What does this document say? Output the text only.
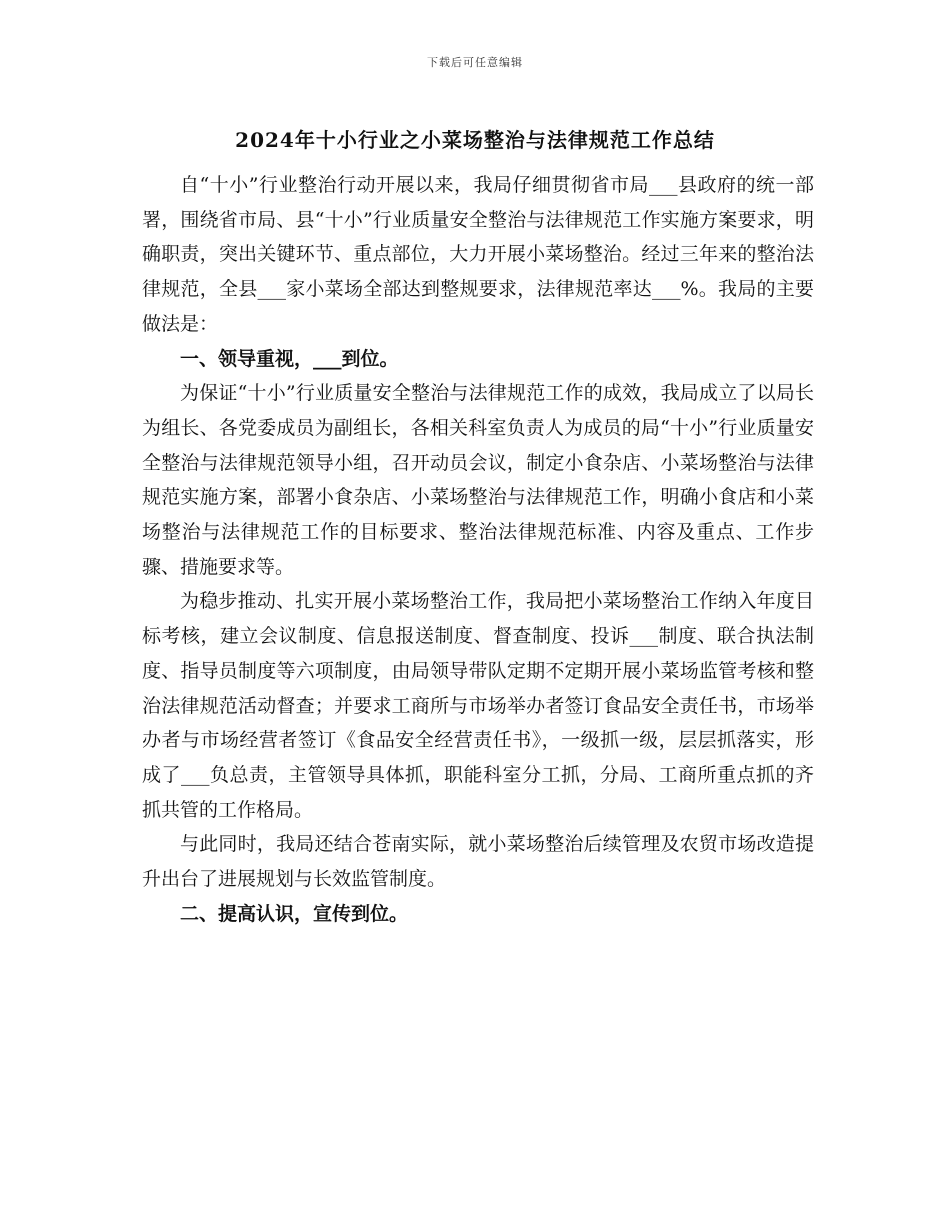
下载后可任意编辑
2024年十小行业之小菜场整治与法律规范工作总结

自“十小”行业整治行动开展以来，我局仔细贯彻省市局___县政府的统一部署，围绕省市局、县“十小”行业质量安全整治与法律规范工作实施方案要求，明确职责，突出关键环节、重点部位，大力开展小菜场整治。经过三年来的整治法律规范，全县___家小菜场全部达到整规要求，法律规范率达___%。我局的主要做法是：

一、领导重视，___到位。

为保证“十小”行业质量安全整治与法律规范工作的成效，我局成立了以局长为组长、各党委成员为副组长，各相关科室负责人为成员的局“十小”行业质量安全整治与法律规范领导小组，召开动员会议，制定小食杂店、小菜场整治与法律规范实施方案，部署小食杂店、小菜场整治与法律规范工作，明确小食店和小菜场整治与法律规范工作的目标要求、整治法律规范标准、内容及重点、工作步骤、措施要求等。

为稳步推动、扎实开展小菜场整治工作，我局把小菜场整治工作纳入年度目标考核，建立会议制度、信息报送制度、督查制度、投诉___制度、联合执法制度、指导员制度等六项制度，由局领导带队定期不定期开展小菜场监管考核和整治法律规范活动督查；并要求工商所与市场举办者签订食品安全责任书，市场举办者与市场经营者签订《食品安全经营责任书》，一级抓一级，层层抓落实，形成了___负总责，主管领导具体抓，职能科室分工抓，分局、工商所重点抓的齐抓共管的工作格局。

与此同时，我局还结合苍南实际，就小菜场整治后续管理及农贸市场改造提升出台了进展规划与长效监管制度。

二、提高认识，宣传到位。
